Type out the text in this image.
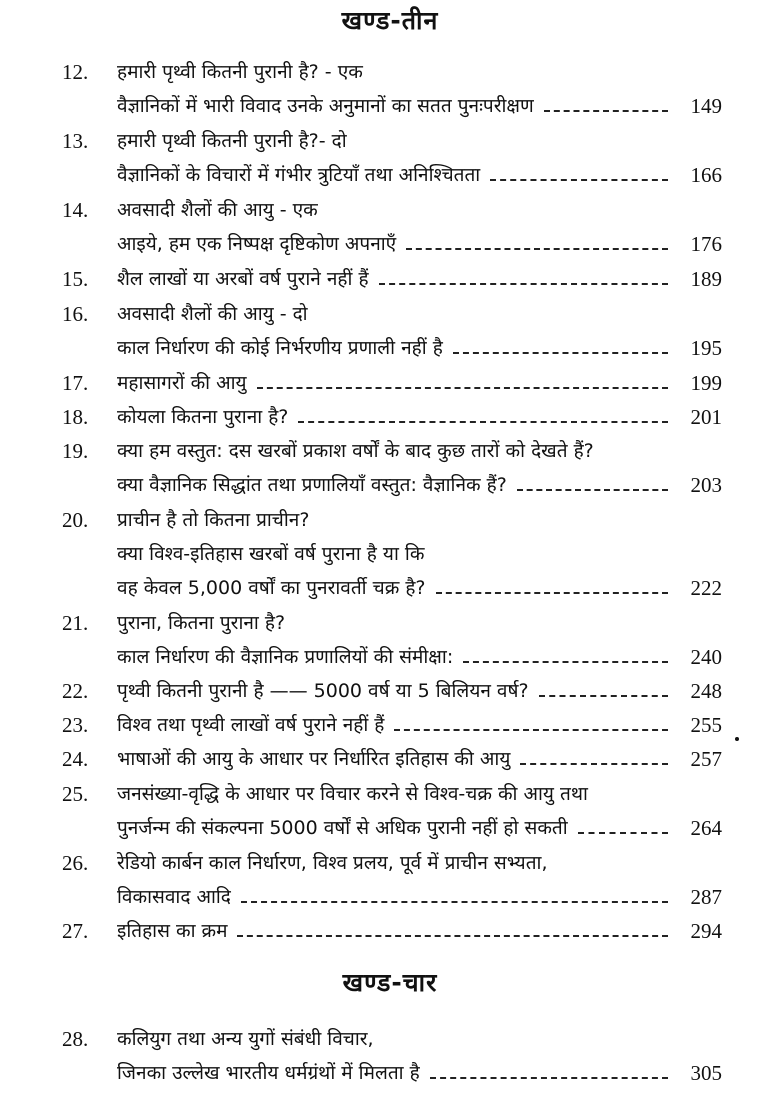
खण्ड-तीन
12.	हमारी पृथ्वी कितनी पुरानी है? - एक
वैज्ञानिकों में भारी विवाद उनके अनुमानों का सतत पुनःपरीक्षण	149
13.	हमारी पृथ्वी कितनी पुरानी है?- दो
वैज्ञानिकों के विचारों में गंभीर त्रुटियाँ तथा अनिश्चितता	166
14.	अवसादी शैलों की आयु - एक
आइये, हम एक निष्पक्ष दृष्टिकोण अपनाएँ	176
15.	शैल लाखों या अरबों वर्ष पुराने नहीं हैं	189
16.	अवसादी शैलों की आयु - दो
काल निर्धारण की कोई निर्भरणीय प्रणाली नहीं है	195
17.	महासागरों की आयु	199
18.	कोयला कितना पुराना है?	201
19.	क्या हम वस्तुत: दस खरबों प्रकाश वर्षों के बाद कुछ तारों को देखते हैं?
क्या वैज्ञानिक सिद्धांत तथा प्रणालियाँ वस्तुत: वैज्ञानिक हैं?	203
20.	प्राचीन है तो कितना प्राचीन?
क्या विश्व-इतिहास खरबों वर्ष पुराना है या कि
वह केवल 5,000 वर्षों का पुनरावर्ती चक्र है?	222
21.	पुराना, कितना पुराना है?
काल निर्धारण की वैज्ञानिक प्रणालियों की संमीक्षा:	240
22.	पृथ्वी कितनी पुरानी है —— 5000 वर्ष या 5 बिलियन वर्ष?	248
23.	विश्व तथा पृथ्वी लाखों वर्ष पुराने नहीं हैं	255
24.	भाषाओं की आयु के आधार पर निर्धारित इतिहास की आयु	257
25.	जनसंख्या-वृद्धि के आधार पर विचार करने से विश्व-चक्र की आयु तथा
पुनर्जन्म की संकल्पना 5000 वर्षों से अधिक पुरानी नहीं हो सकती	264
26.	रेडियो कार्बन काल निर्धारण, विश्व प्रलय, पूर्व में प्राचीन सभ्यता,
विकासवाद आदि	287
27.	इतिहास का क्रम	294
खण्ड-चार
28.	कलियुग तथा अन्य युगों संबंधी विचार,
जिनका उल्लेख भारतीय धर्मग्रंथों में मिलता है	305
